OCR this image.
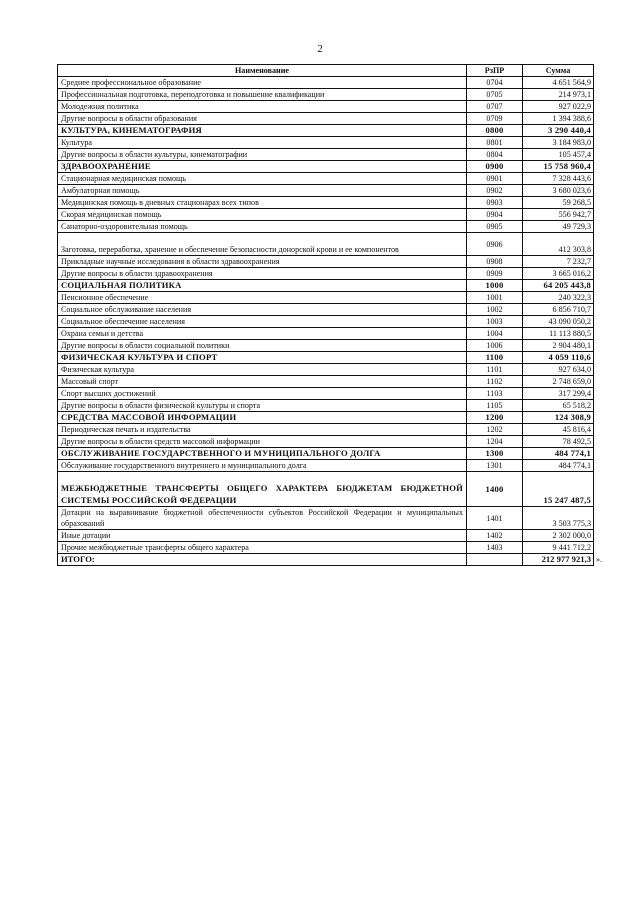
2
Наименование	РзПР	Сумма
Среднее профессиональное образование	0704	4 651 564,9
Профессиональная подготовка, переподготовка и повышение квалификации	0705	214 973,1
Молодежная политика	0707	927 022,9
Другие вопросы в области образования	0709	1 394 388,6
КУЛЬТУРА, КИНЕМАТОГРАФИЯ	0800	3 290 440,4
Культура	0801	3 184 983,0
Другие вопросы в области культуры, кинематографии	0804	105 457,4
ЗДРАВООХРАНЕНИЕ	0900	15 758 960,4
Стационарная медицинская помощь	0901	7 328 443,6
Амбулаторная помощь	0902	3 680 023,6
Медицинская помощь в дневных стационарах всех типов	0903	59 268,5
Скорая медицинская помощь	0904	556 942,7
Санаторно-оздоровительная помощь	0905	49 729,3
Заготовка, переработка, хранение и обеспечение безопасности донорской крови и ее компонентов	0906	412 303,8
Прикладные научные исследования в области здравоохранения	0908	7 232,7
Другие вопросы в области здравоохранения	0909	3 665 016,2
СОЦИАЛЬНАЯ ПОЛИТИКА	1000	64 205 443,8
Пенсионное обеспечение	1001	240 322,3
Социальное обслуживание населения	1002	6 856 710,7
Социальное обеспечение населения	1003	43 090 050,2
Охрана семьи и детства	1004	11 113 880,5
Другие вопросы в области социальной политики	1006	2 904 480,1
ФИЗИЧЕСКАЯ КУЛЬТУРА И СПОРТ	1100	4 059 110,6
Физическая культура	1101	927 634,0
Массовый спорт	1102	2 748 659,0
Спорт высших достижений	1103	317 299,4
Другие вопросы в области физической культуры и спорта	1105	65 518,2
СРЕДСТВА МАССОВОЙ ИНФОРМАЦИИ	1200	124 308,9
Периодическая печать и издательства	1202	45 816,4
Другие вопросы в области средств массовой информации	1204	78 492,5
ОБСЛУЖИВАНИЕ ГОСУДАРСТВЕННОГО И МУНИЦИПАЛЬНОГО ДОЛГА	1300	484 774,1
Обслуживание государственного внутреннего и муниципального долга	1301	484 774,1
МЕЖБЮДЖЕТНЫЕ ТРАНСФЕРТЫ ОБЩЕГО ХАРАКТЕРА БЮДЖЕТАМ БЮДЖЕТНОЙ СИСТЕМЫ РОССИЙСКОЙ ФЕДЕРАЦИИ	1400	15 247 487,5
Дотации на выравнивание бюджетной обеспеченности субъектов Российской Федерации и муниципальных образований	1401	3 503 775,3
Иные дотации	1402	2 302 000,0
Прочие межбюджетные трансферты общего характера	1403	9 441 712,2
ИТОГО:		212 977 921,3 ».
